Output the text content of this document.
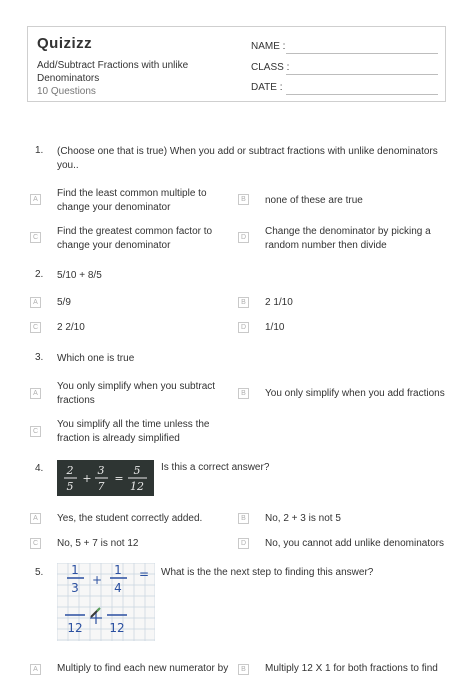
Quizizz
Add/Subtract Fractions with unlike Denominators
10 Questions
NAME :
CLASS :
DATE :
1. (Choose one that is true) When you add or subtract fractions with unlike denominators you..
A
Find the least common multiple to change your denominator
B	none of these are true
C
Find the greatest common factor to change your denominator
D
Change the denominator by picking a random number then divide
2. 5/10 + 8/5
A	5/9	B	2 1/10
C 2 2/10	D 1/10
3. Which one is true
A
You only simplify when you subtract fractions
B	You only simplify when you add fractions
C
You simplify all the time unless the fraction is already simplified
4. 2
5
+
3
7
=
5
12
Is this a correct answer?
A	Yes, the student correctly added.	B	No, 2 + 3 is not 5
C No, 5 + 7 is not 12	D No, you cannot add unlike denominators
5. 1
3
+
1
4
=
12 12
What is the the next step to finding this answer?
A	Multiply to find each new numerator by	B	Multiply 12 X 1 for both fractions to find
